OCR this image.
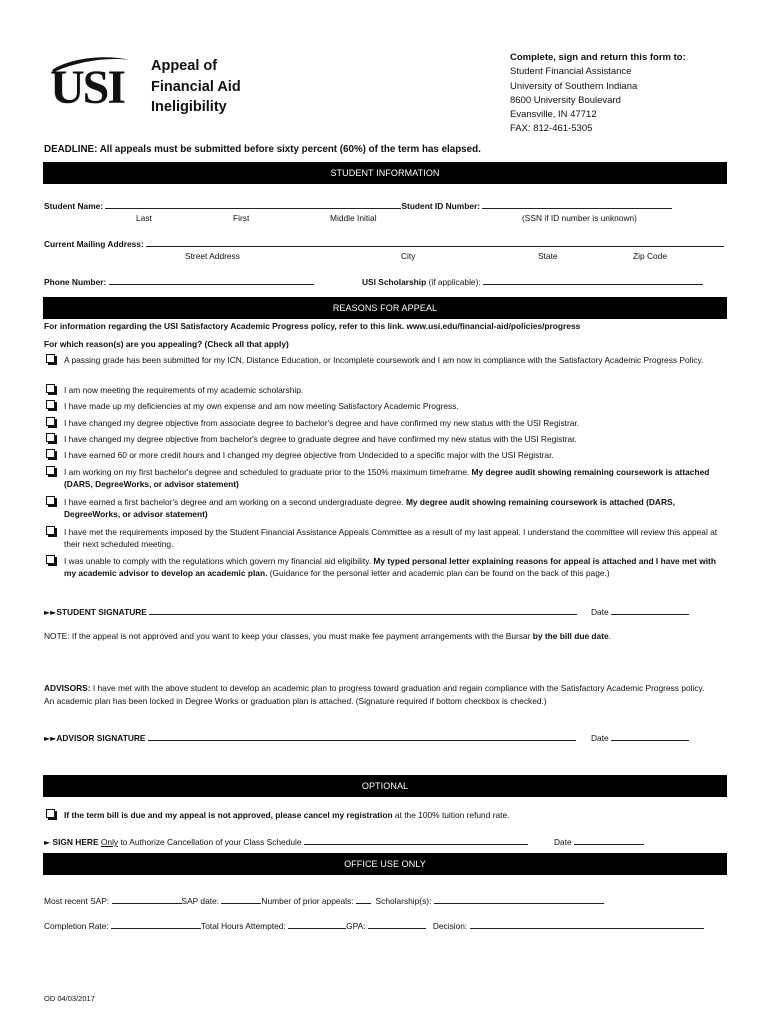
USI Appeal of
Financial Aid
Ineligibility
Complete, sign and return this form to:
Student Financial Assistance
University of Southern Indiana
8600 University Boulevard
Evansville, IN 47712
FAX: 812-461-5305
DEADLINE: All appeals must be submitted before sixty percent (60%) of the term has elapsed.
STUDENT INFORMATION
Student Name:	Student ID Number:
Last	First	Middle Initial	(SSN if ID number is unknown)
Current Mailing Address:
Street Address	City	State	Zip Code
Phone Number:	USI Scholarship (if applicable):
REASONS FOR APPEAL
For information regarding the USI Satisfactory Academic Progress policy, refer to this link. www.usi.edu/financial-aid/policies/progress
For which reason(s) are you appealing? (Check all that apply)
A passing grade has been submitted for my ICN, Distance Education, or Incomplete coursework and I am now in compliance with the Satisfactory Academic Progress Policy.
I am now meeting the requirements of my academic scholarship.
I have made up my deficiencies at my own expense and am now meeting Satisfactory Academic Progress.
I have changed my degree objective from associate degree to bachelor's degree and have confirmed my new status with the USI Registrar.
I have changed my degree objective from bachelor's degree to graduate degree and have confirmed my new status with the USI Registrar.
I have earned 60 or more credit hours and I changed my degree objective from Undecided to a specific major with the USI Registrar.
I am working on my first bachelor's degree and scheduled to graduate prior to the 150% maximum timeframe. My degree audit showing remaining coursework is attached (DARS, DegreeWorks, or advisor statement)
I have earned a first bachelor's degree and am working on a second undergraduate degree. My degree audit showing remaining coursework is attached (DARS, DegreeWorks, or advisor statement)
I have met the requirements imposed by the Student Financial Assistance Appeals Committee as a result of my last appeal. I understand the committee will review this appeal at their next scheduled meeting.
I was unable to comply with the regulations which govern my financial aid eligibility. My typed personal letter explaining reasons for appeal is attached and I have met with my academic advisor to develop an academic plan. (Guidance for the personal letter and academic plan can be found on the back of this page.)
►►STUDENT SIGNATURE	Date
NOTE: If the appeal is not approved and you want to keep your classes, you must make fee payment arrangements with the Bursar by the bill due date.
ADVISORS: I have met with the above student to develop an academic plan to progress toward graduation and regain compliance with the Satisfactory Academic Progress policy. An academic plan has been locked in Degree Works or graduation plan is attached. (Signature required if bottom checkbox is checked.)
►►ADVISOR SIGNATURE	Date
OPTIONAL
If the term bill is due and my appeal is not approved, please cancel my registration at the 100% tuition refund rate.
► SIGN HERE Only to Authorize Cancellation of your Class Schedule	Date
OFFICE USE ONLY
Most recent SAP:	SAP date:	Number of prior appeals:	Scholarship(s):
Completion Rate:	Total Hours Attempted:	GPA:	Decision:
OD 04/03/2017
